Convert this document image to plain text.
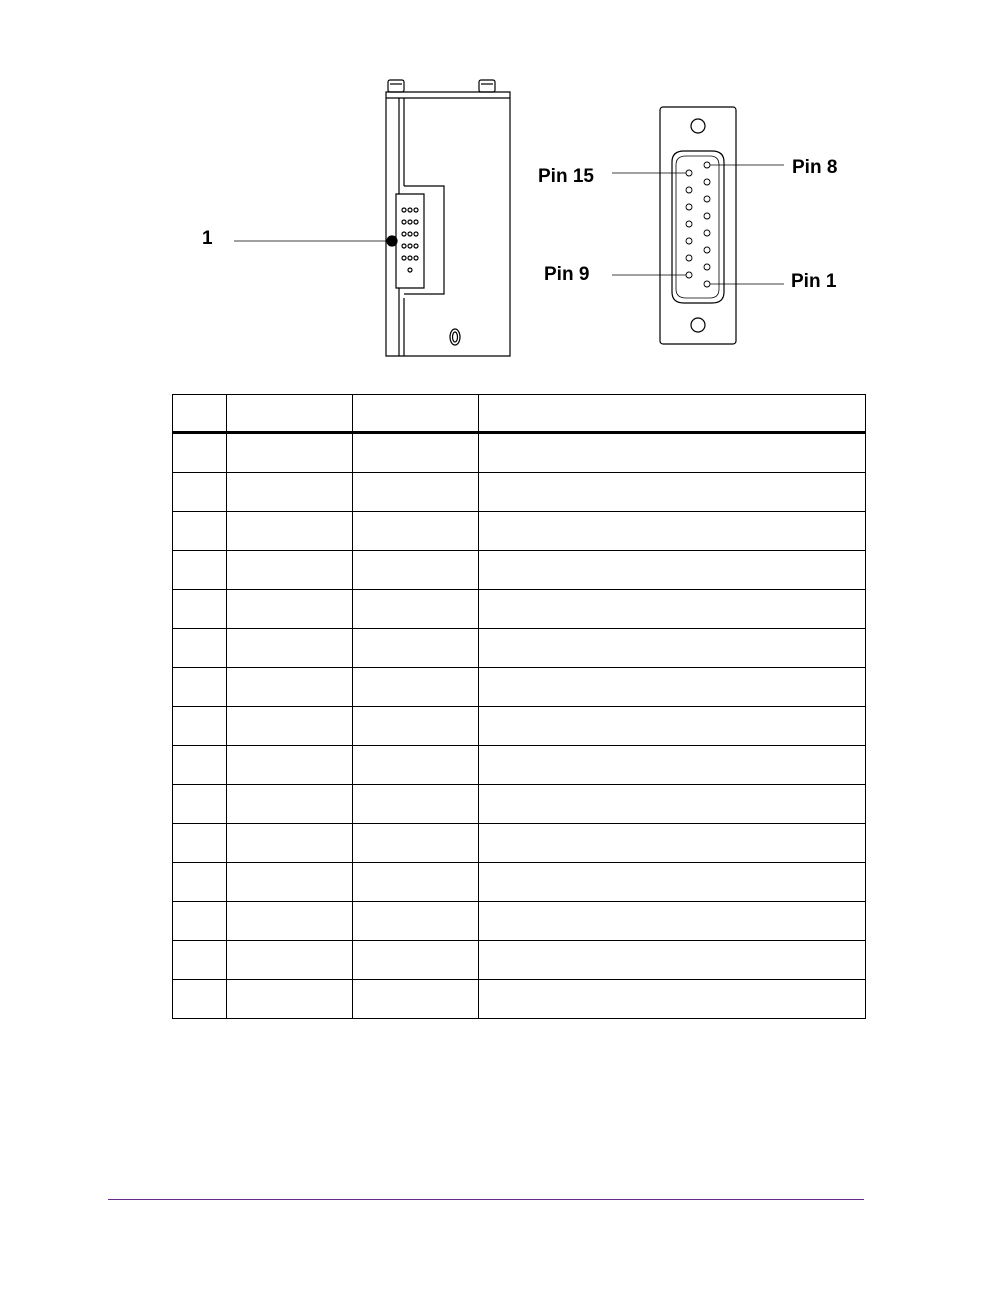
1
Pin 15	Pin 8
Pin 9	Pin 1
